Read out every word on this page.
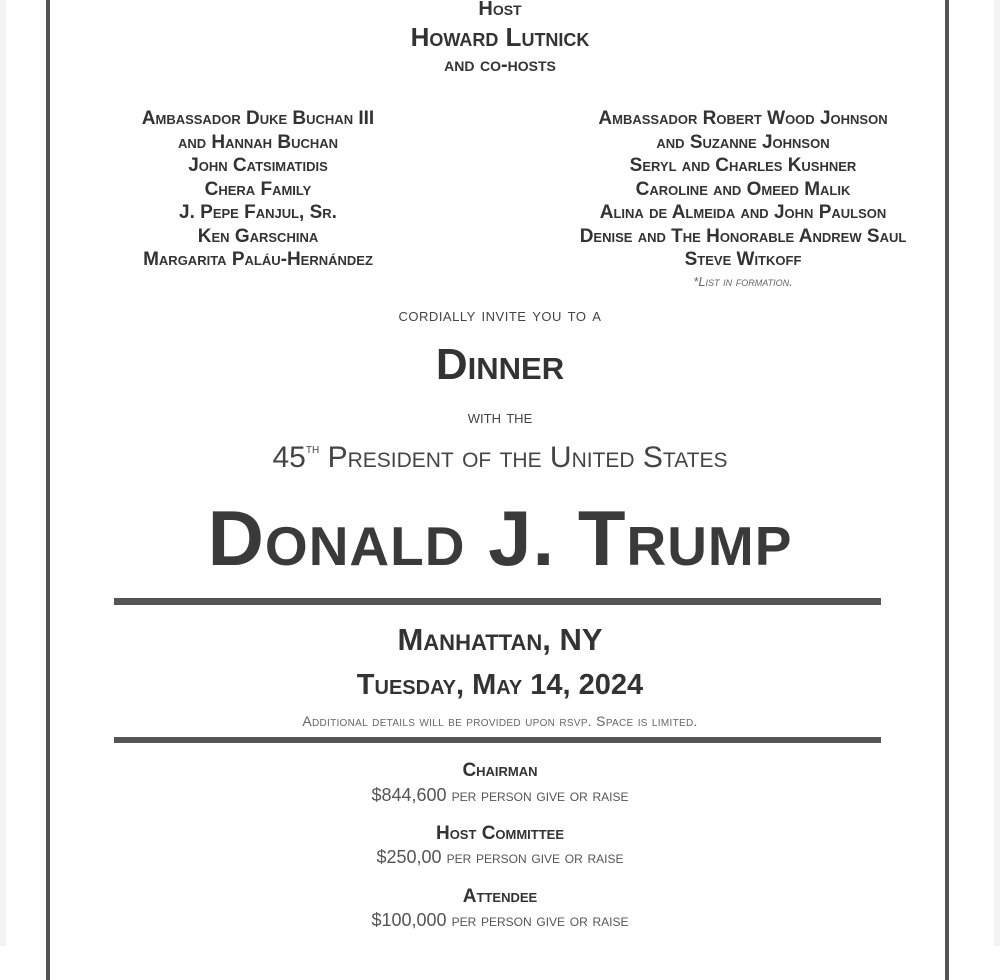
Host
Howard Lutnick
and co-hosts
Ambassador Duke Buchan III
and Hannah Buchan
John Catsimatidis
Chera Family
J. Pepe Fanjul, Sr.
Ken Garschina
Margarita Paláu-Hernández
Ambassador Robert Wood Johnson
and Suzanne Johnson
Seryl and Charles Kushner
Caroline and Omeed Malik
Alina de Almeida and John Paulson
Denise and The Honorable Andrew Saul
Steve Witkoff
*List in formation.
cordially invite you to a
Dinner
with the
45th President of the United States
Donald J. Trump
Manhattan, NY
Tuesday, May 14, 2024
Additional details will be provided upon rsvp. Space is limited.
Chairman
$844,600 per person give or raise
Host Committee
$250,00 per person give or raise
Attendee
$100,000 per person give or raise
